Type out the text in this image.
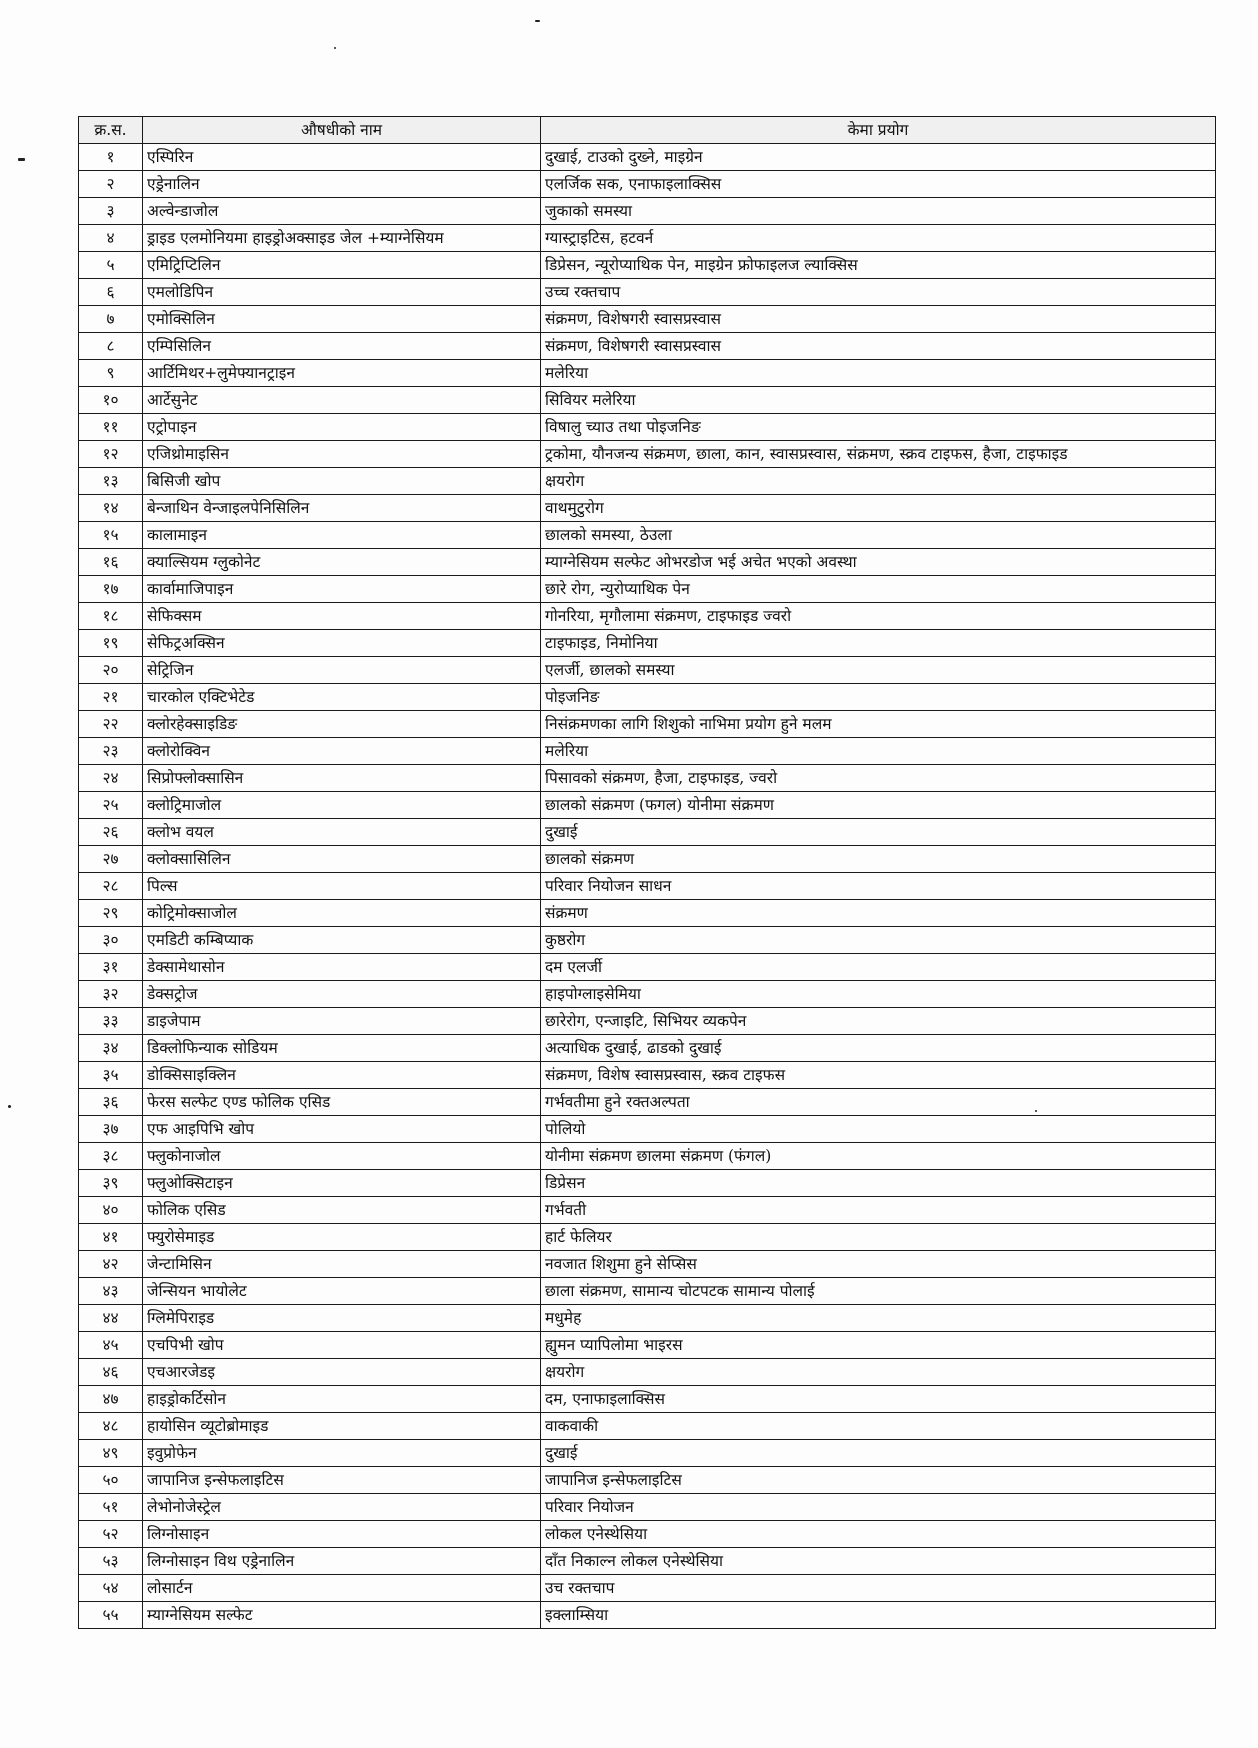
क्र.स.	औषधीको नाम	केमा प्रयोग
१	एस्पिरिन	दुखाई, टाउको दुख्ने, माइग्रेन
२	एड्रेनालिन	एलर्जिक सक, एनाफाइलाक्सिस
३	अल्वेन्डाजोल	जुकाको समस्या
४	ड्राइड एलमोनियमा हाइड्रोअक्साइड जेल +म्याग्नेसियम	ग्यास्ट्राइटिस, हटवर्न
५	एमिट्रिप्टिलिन	डिप्रेसन, न्यूरोप्याथिक पेन, माइग्रेन फ्रोफाइलज ल्याक्सिस
६	एमलोडिपिन	उच्च रक्तचाप
७	एमोक्सिलिन	संक्रमण, विशेषगरी स्वासप्रस्वास
८	एम्पिसिलिन	संक्रमण, विशेषगरी स्वासप्रस्वास
९	आर्टिमिथर+लुमेफ्यानट्राइन	मलेरिया
१०	आर्टेसुनेट	सिवियर मलेरिया
११	एट्रोपाइन	विषालु च्याउ तथा पोइजनिङ
१२	एजिथ्रोमाइसिन	ट्रकोमा, यौनजन्य संक्रमण, छाला, कान, स्वासप्रस्वास, संक्रमण, स्क्रव टाइफस, हैजा, टाइफाइड
१३	बिसिजी खोप	क्षयरोग
१४	बेन्जाथिन वेन्जाइलपेनिसिलिन	वाथमुटुरोग
१५	कालामाइन	छालको समस्या, ठेउला
१६	क्याल्सियम ग्लुकोनेट	म्याग्नेसियम सल्फेट ओभरडोज भई अचेत भएको अवस्था
१७	कार्वामाजिपाइन	छारे रोग, न्युरोप्याथिक पेन
१८	सेफिक्सम	गोनरिया, मृगौलामा संक्रमण, टाइफाइड ज्वरो
१९	सेफिट्रअक्सिन	टाइफाइड, निमोनिया
२०	सेट्रिजिन	एलर्जी, छालको समस्या
२१	चारकोल एक्टिभेटेड	पोइजनिङ
२२	क्लोरहेक्साइडिङ	निसंक्रमणका लागि शिशुको नाभिमा प्रयोग हुने मलम
२३	क्लोरोक्विन	मलेरिया
२४	सिप्रोफ्लोक्सासिन	पिसावको संक्रमण, हैजा, टाइफाइड, ज्वरो
२५	क्लोट्रिमाजोल	छालको संक्रमण (फगल) योनीमा संक्रमण
२६	क्लोभ वयल	दुखाई
२७	क्लोक्सासिलिन	छालको संक्रमण
२८	पिल्स	परिवार नियोजन साधन
२९	कोट्रिमोक्साजोल	संक्रमण
३०	एमडिटी कम्बिप्याक	कुष्ठरोग
३१	डेक्सामेथासोन	दम एलर्जी
३२	डेक्सट्रोज	हाइपोग्लाइसेमिया
३३	डाइजेपाम	छारेरोग, एन्जाइटि, सिभियर व्यकपेन
३४	डिक्लोफिन्याक सोडियम	अत्याधिक दुखाई, ढाडको दुखाई
३५	डोक्सिसाइक्लिन	संक्रमण, विशेष स्वासप्रस्वास, स्क्रव टाइफस
३६	फेरस सल्फेट एण्ड फोलिक एसिड	गर्भवतीमा हुने रक्तअल्पता
३७	एफ आइपिभि खोप	पोलियो
३८	फ्लुकोनाजोल	योनीमा संक्रमण छालमा संक्रमण (फंगल)
३९	फ्लुओक्सिटाइन	डिप्रेसन
४०	फोलिक एसिड	गर्भवती
४१	फ्युरोसेमाइड	हार्ट फेलियर
४२	जेन्टामिसिन	नवजात शिशुमा हुने सेप्सिस
४३	जेन्सियन भायोलेट	छाला संक्रमण, सामान्य चोटपटक सामान्य पोलाई
४४	ग्लिमेपिराइड	मधुमेह
४५	एचपिभी खोप	ह्युमन प्यापिलोमा भाइरस
४६	एचआरजेडइ	क्षयरोग
४७	हाइड्रोकर्टिसोन	दम, एनाफाइलाक्सिस
४८	हायोसिन व्यूटोब्रोमाइड	वाकवाकी
४९	इवुप्रोफेन	दुखाई
५०	जापानिज इन्सेफलाइटिस	जापानिज इन्सेफलाइटिस
५१	लेभोनोजेस्ट्रेल	परिवार नियोजन
५२	लिग्नोसाइन	लोकल एनेस्थेसिया
५३	लिग्नोसाइन विथ एड्रेनालिन	दाँत निकाल्न लोकल एनेस्थेसिया
५४	लोसार्टन	उच रक्तचाप
५५	म्याग्नेसियम सल्फेट	इक्लाम्सिया
